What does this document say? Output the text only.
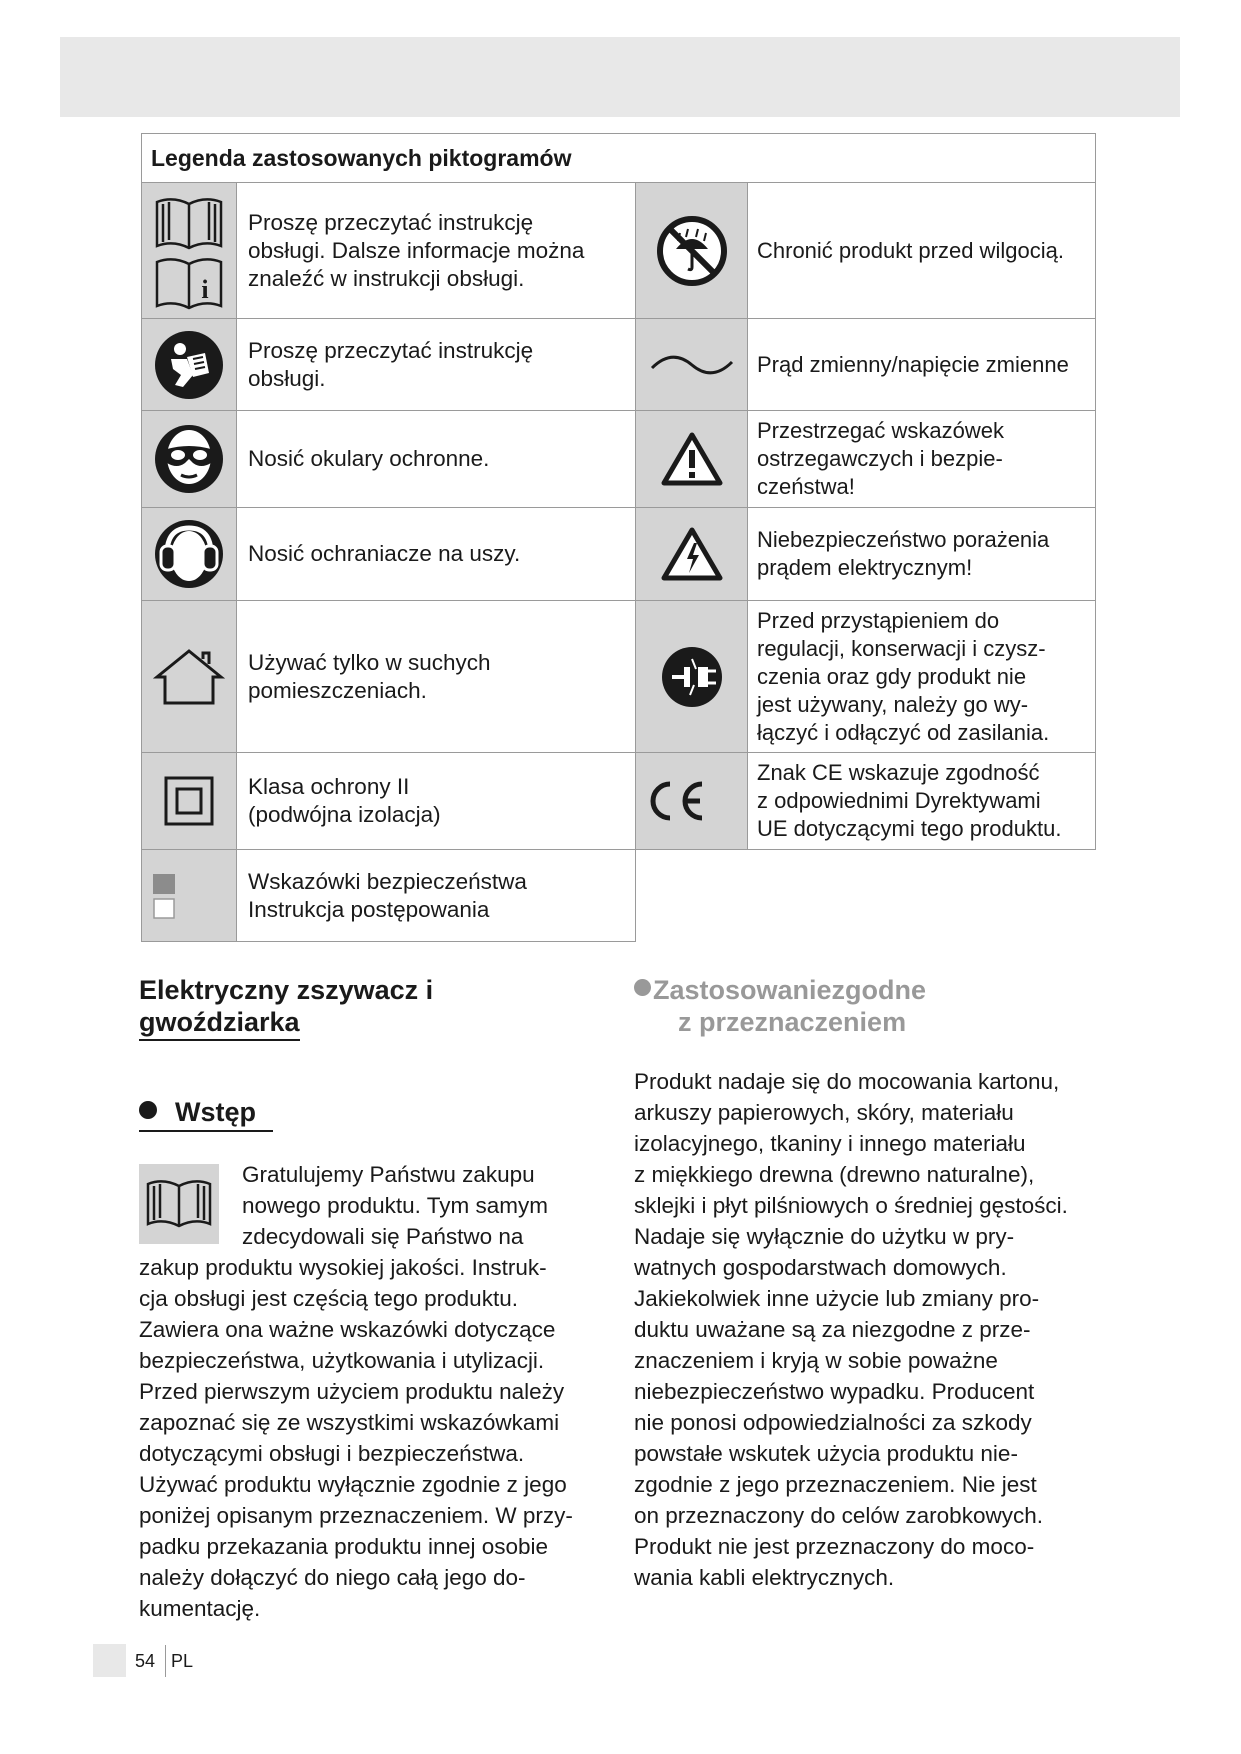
Legenda zastosowanych piktogramów
i
Proszę przeczytać instrukcję
obsługi. Dalsze informacje można
znaleźć w instrukcji obsługi.
Proszę przeczytać instrukcję
obsługi.
Nosić okulary ochronne.
Nosić ochraniacze na uszy.
Używać tylko w suchych
pomieszczeniach.
Klasa ochrony II
(podwójna izolacja)
Wskazówki bezpieczeństwa
Instrukcja postępowania
Chronić produkt przed wilgocią.
Prąd zmienny/napięcie zmienne
Przestrzegać wskazówek
ostrzegawczych i bezpie-
czeństwa!
Niebezpieczeństwo porażenia
prądem elektrycznym!
Przed przystąpieniem do
regulacji, konserwacji i czysz-
czenia oraz gdy produkt nie
jest używany, należy go wy-
łączyć i odłączyć od zasilania.
Znak CE wskazuje zgodność
z odpowiednimi Dyrektywami
UE dotyczącymi tego produktu.
Elektryczny zszywacz i
gwoździarka
Wstęp
Gratulujemy Państwu zakupu
nowego produktu. Tym samym
zdecydowali się Państwo na
zakup produktu wysokiej jakości. Instruk-
cja obsługi jest częścią tego produktu.
Zawiera ona ważne wskazówki dotyczące
bezpieczeństwa, użytkowania i utylizacji.
Przed pierwszym użyciem produktu należy
zapoznać się ze wszystkimi wskazówkami
dotyczącymi obsługi i bezpieczeństwa.
Używać produktu wyłącznie zgodnie z jego
poniżej opisanym przeznaczeniem. W przy-
padku przekazania produktu innej osobie
należy dołączyć do niego całą jego do-
kumentację.
Zastosowaniezgodne
z przeznaczeniem
Produkt nadaje się do mocowania kartonu,
arkuszy papierowych, skóry, materiału
izolacyjnego, tkaniny i innego materiału
z miękkiego drewna (drewno naturalne),
sklejki i płyt pilśniowych o średniej gęstości.
Nadaje się wyłącznie do użytku w pry-
watnych gospodarstwach domowych.
Jakiekolwiek inne użycie lub zmiany pro-
duktu uważane są za niezgodne z prze-
znaczeniem i kryją w sobie poważne
niebezpieczeństwo wypadku. Producent
nie ponosi odpowiedzialności za szkody
powstałe wskutek użycia produktu nie-
zgodnie z jego przeznaczeniem. Nie jest
on przeznaczony do celów zarobkowych.
Produkt nie jest przeznaczony do moco-
wania kabli elektrycznych.
54 PL
